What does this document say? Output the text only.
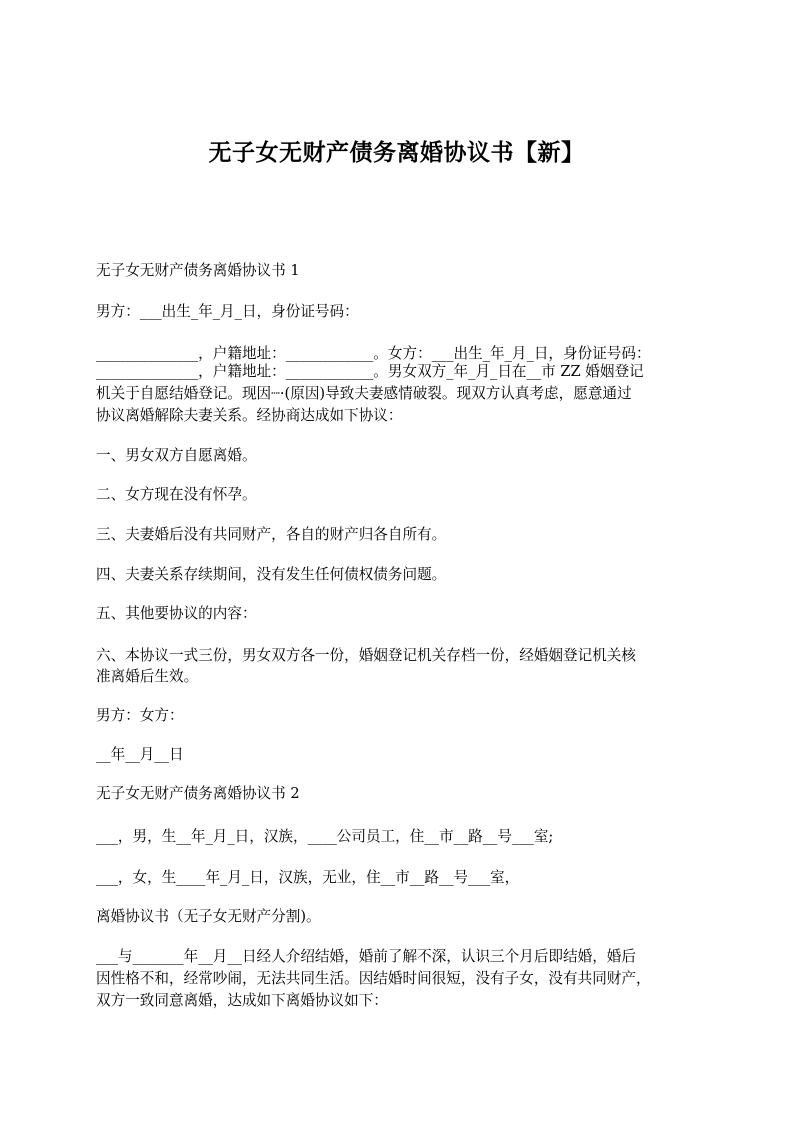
无子女无财产债务离婚协议书【新】
无子女无财产债务离婚协议书 1
男方：___出生_年_月_日，身份证号码：
______________，户籍地址：____________。女方：___出生_年_月_日，身份证号码：
______________，户籍地址：____________。男女双方_年_月_日在__市 ZZ 婚姻登记
机关于自愿结婚登记。现因┈·(原因)导致夫妻感情破裂。现双方认真考虑，愿意通过
协议离婚解除夫妻关系。经协商达成如下协议：
一、男女双方自愿离婚。
二、女方现在没有怀孕。
三、夫妻婚后没有共同财产，各自的财产归各自所有。
四、夫妻关系存续期间，没有发生任何债权债务问题。
五、其他要协议的内容：
六、本协议一式三份，男女双方各一份，婚姻登记机关存档一份，经婚姻登记机关核
准离婚后生效。
男方：女方：
__年__月__日
无子女无财产债务离婚协议书 2
___，男，生__年_月_日，汉族，____公司员工，住__市__路__号___室;
___，女，生____年_月_日，汉族，无业，住__市__路__号___室，
离婚协议书（无子女无财产分割)。
___与_______年__月__日经人介绍结婚，婚前了解不深，认识三个月后即结婚，婚后
因性格不和，经常吵闹，无法共同生活。因结婚时间很短，没有子女，没有共同财产，
双方一致同意离婚，达成如下离婚协议如下：
